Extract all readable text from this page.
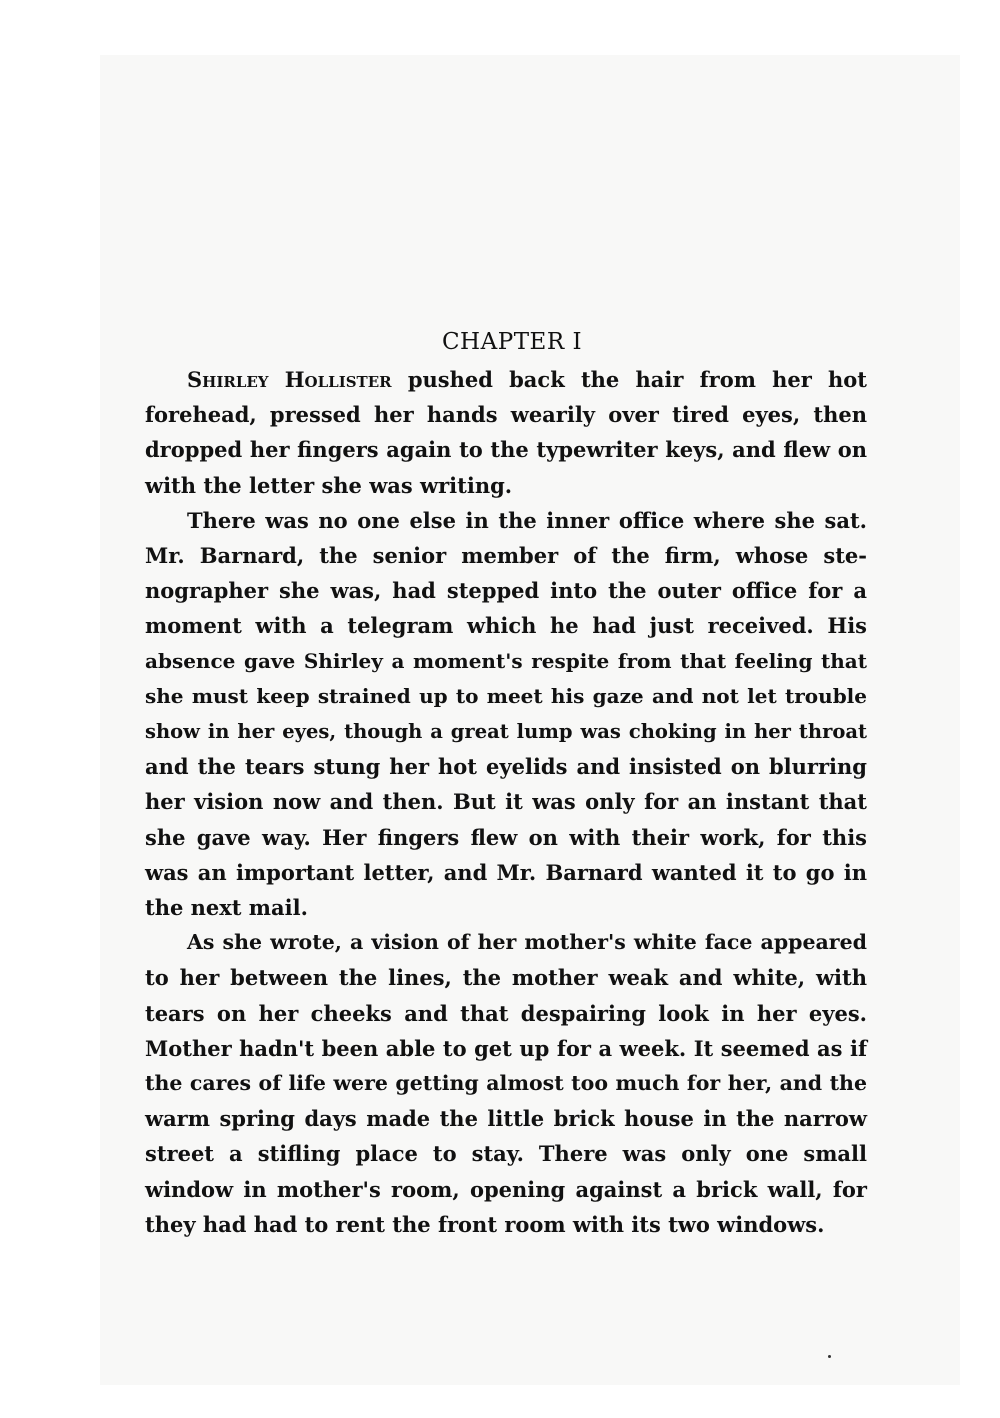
CHAPTER I

Shirley Hollister pushed back the hair from her hot
forehead, pressed her hands wearily over tired eyes, then
dropped her fingers again to the typewriter keys, and flew on
with the letter she was writing.

There was no one else in the inner office where she sat.
Mr. Barnard, the senior member of the firm, whose ste-
nographer she was, had stepped into the outer office for a
moment with a telegram which he had just received. His
absence gave Shirley a moment's respite from that feeling that
she must keep strained up to meet his gaze and not let trouble
show in her eyes, though a great lump was choking in her throat
and the tears stung her hot eyelids and insisted on blurring
her vision now and then. But it was only for an instant that
she gave way. Her fingers flew on with their work, for this
was an important letter, and Mr. Barnard wanted it to go in
the next mail.

As she wrote, a vision of her mother's white face appeared
to her between the lines, the mother weak and white, with
tears on her cheeks and that despairing look in her eyes.
Mother hadn't been able to get up for a week. It seemed as if
the cares of life were getting almost too much for her, and the
warm spring days made the little brick house in the narrow
street a stifling place to stay. There was only one small
window in mother's room, opening against a brick wall, for
they had had to rent the front room with its two windows.
